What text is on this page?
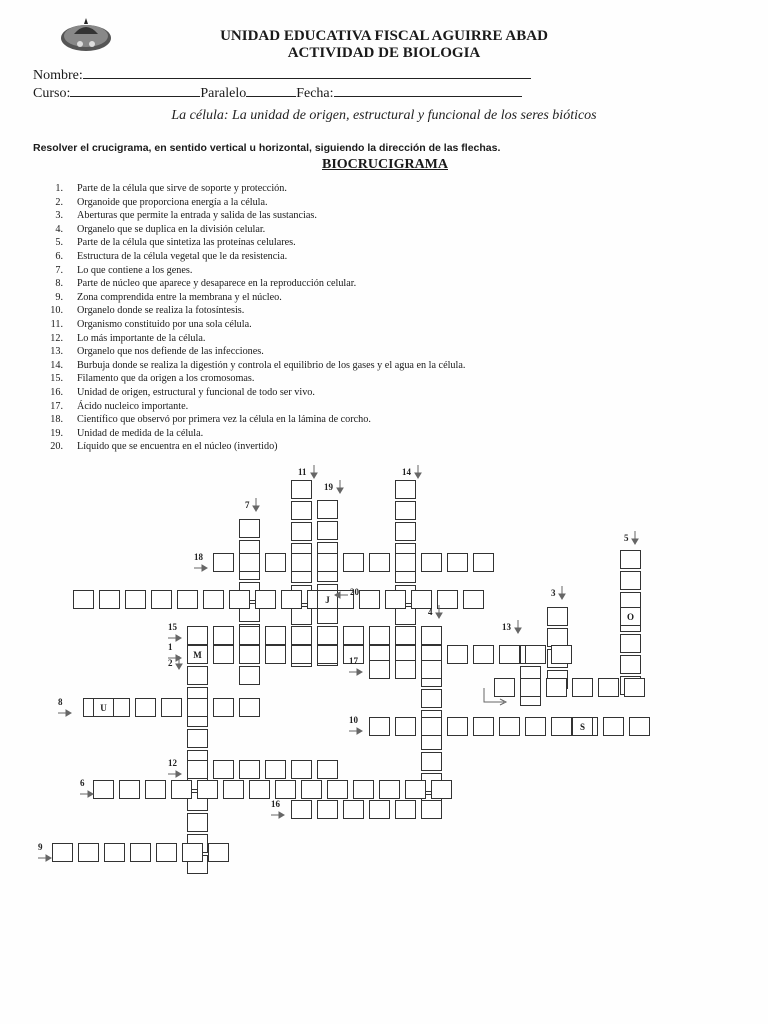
UNIDAD EDUCATIVA FISCAL AGUIRRE ABAD
ACTIVIDAD DE BIOLOGIA
Nombre:
Curso:	Paralelo	Fecha:
La célula: La unidad de origen, estructural y funcional de los seres bióticos
Resolver el crucigrama, en sentido vertical u horizontal, siguiendo la dirección de las flechas.
BIOCRUCIGRAMA
1. Parte de la célula que sirve de soporte y protección.
2. Organoide que proporciona energía a la célula.
3. Aberturas que permite la entrada y salida de las sustancias.
4. Organelo que se duplica en la división celular.
5. Parte de la célula que sintetiza las proteínas celulares.
6. Estructura de la célula vegetal que le da resistencia.
7. Lo que contiene a los genes.
8. Parte de núcleo que aparece y desaparece en la reproducción celular.
9. Zona comprendida entre la membrana y el núcleo.
10. Organelo donde se realiza la fotosíntesis.
11. Organismo constituido por una sola célula.
12. Lo más importante de la célula.
13. Organelo que nos defiende de las infecciones.
14. Burbuja donde se realiza la digestión y controla el equilibrio de los gases y el agua en la célula.
15. Filamento que da origen a los cromosomas.
16. Unidad de origen, estructural y funcional de todo ser vivo.
17. Ácido nucleico importante.
18. Científico que observó por primera vez la célula en la lámina de corcho.
19. Unidad de medida de la célula.
20. Líquido que se encuentra en el núcleo (invertido)
J
M
U
O
S
11
19
14
7
5
18
20	3
4
15	13
1
2	17
8
10
12
6
16
9
